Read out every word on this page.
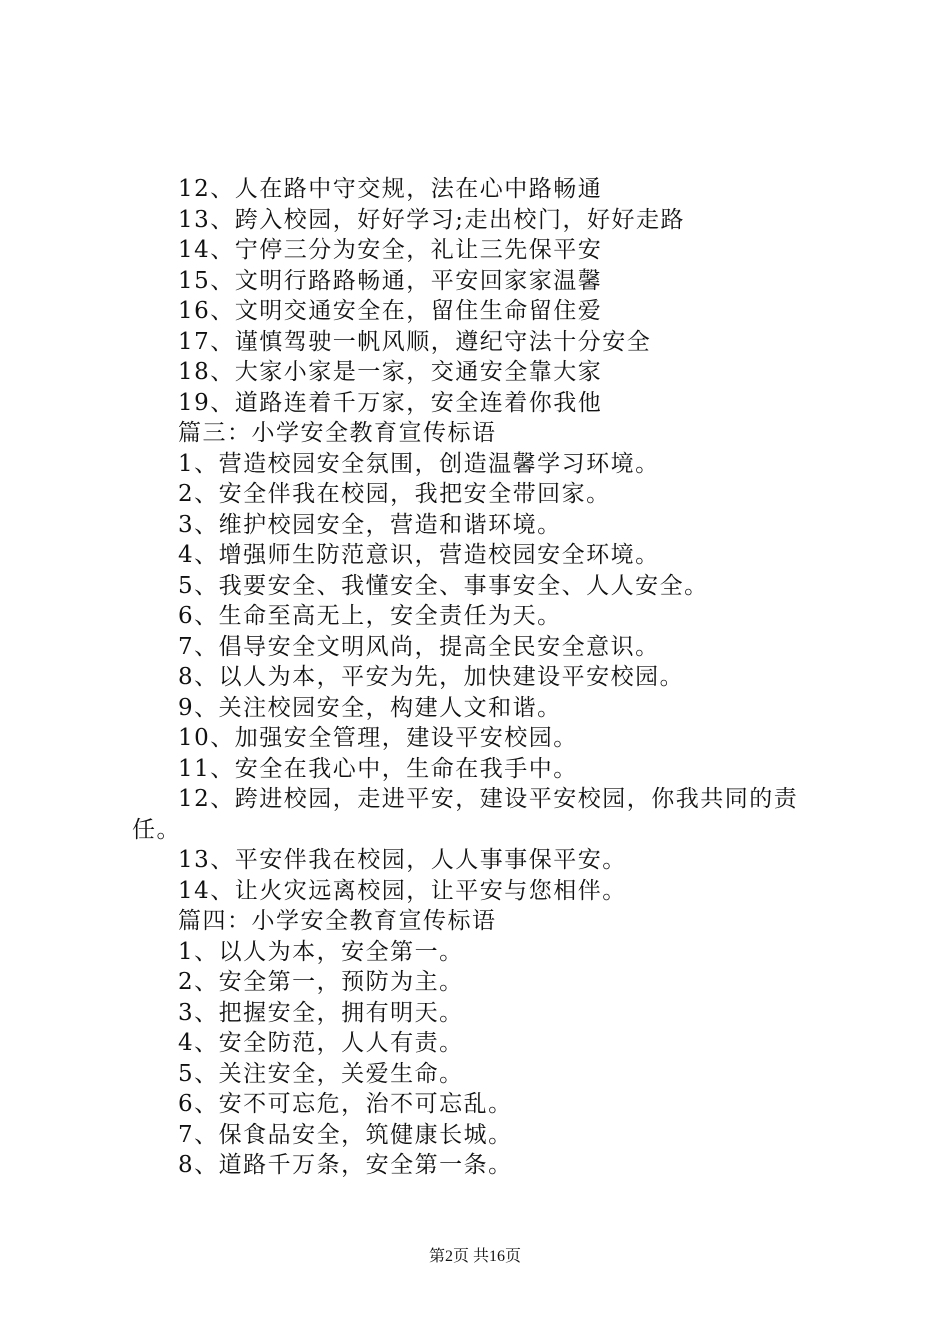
12、人在路中守交规，法在心中路畅通
13、跨入校园，好好学习;走出校门，好好走路
14、宁停三分为安全，礼让三先保平安
15、文明行路路畅通，平安回家家温馨
16、文明交通安全在，留住生命留住爱
17、谨慎驾驶一帆风顺，遵纪守法十分安全
18、大家小家是一家，交通安全靠大家
19、道路连着千万家，安全连着你我他
篇三：小学安全教育宣传标语
1、营造校园安全氛围，创造温馨学习环境。
2、安全伴我在校园，我把安全带回家。
3、维护校园安全，营造和谐环境。
4、增强师生防范意识，营造校园安全环境。
5、我要安全、我懂安全、事事安全、人人安全。
6、生命至高无上，安全责任为天。
7、倡导安全文明风尚，提高全民安全意识。
8、以人为本，平安为先，加快建设平安校园。
9、关注校园安全，构建人文和谐。
10、加强安全管理，建设平安校园。
11、安全在我心中，生命在我手中。
12、跨进校园，走进平安，建设平安校园，你我共同的责任。
13、平安伴我在校园，人人事事保平安。
14、让火灾远离校园，让平安与您相伴。
篇四：小学安全教育宣传标语
1、以人为本，安全第一。
2、安全第一，预防为主。
3、把握安全，拥有明天。
4、安全防范，人人有责。
5、关注安全，关爱生命。
6、安不可忘危，治不可忘乱。
7、保食品安全，筑健康长城。
8、道路千万条，安全第一条。
第2页 共16页
